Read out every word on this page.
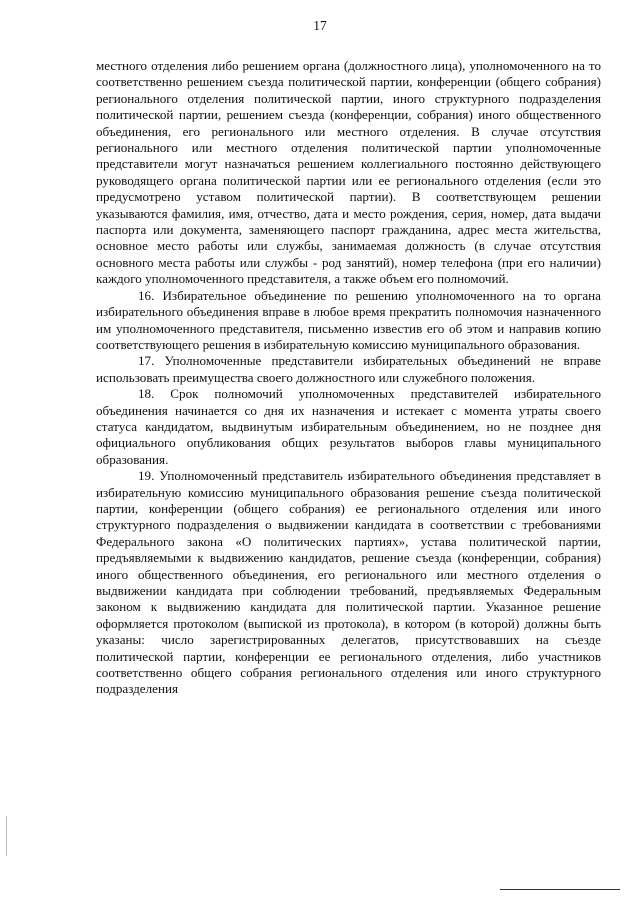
17

местного отделения либо решением органа (должностного лица), уполномоченного на то соответственно решением съезда политической партии, конференции (общего собрания) регионального отделения политической партии, иного структурного подразделения политической партии, решением съезда (конференции, собрания) иного общественного объединения, его регионального или местного отделения. В случае отсутствия регионального или местного отделения политической партии уполномоченные представители могут назначаться решением коллегиального постоянно действующего руководящего органа политической партии или ее регионального отделения (если это предусмотрено уставом политической партии). В соответствующем решении указываются фамилия, имя, отчество, дата и место рождения, серия, номер, дата выдачи паспорта или документа, заменяющего паспорт гражданина, адрес места жительства, основное место работы или службы, занимаемая должность (в случае отсутствия основного места работы или службы - род занятий), номер телефона (при его наличии) каждого уполномоченного представителя, а также объем его полномочий.

16. Избирательное объединение по решению уполномоченного на то органа избирательного объединения вправе в любое время прекратить полномочия назначенного им уполномоченного представителя, письменно известив его об этом и направив копию соответствующего решения в избирательную комиссию муниципального образования.

17. Уполномоченные представители избирательных объединений не вправе использовать преимущества своего должностного или служебного положения.

18. Срок полномочий уполномоченных представителей избирательного объединения начинается со дня их назначения и истекает с момента утраты своего статуса кандидатом, выдвинутым избирательным объединением, но не позднее дня официального опубликования общих результатов выборов главы муниципального образования.

19. Уполномоченный представитель избирательного объединения представляет в избирательную комиссию муниципального образования решение съезда политической партии, конференции (общего собрания) ее регионального отделения или иного структурного подразделения о выдвижении кандидата в соответствии с требованиями Федерального закона «О политических партиях», устава политической партии, предъявляемыми к выдвижению кандидатов, решение съезда (конференции, собрания) иного общественного объединения, его регионального или местного отделения о выдвижении кандидата при соблюдении требований, предъявляемых Федеральным законом к выдвижению кандидата для политической партии. Указанное решение оформляется протоколом (выпиской из протокола), в котором (в которой) должны быть указаны: число зарегистрированных делегатов, присутствовавших на съезде политической партии, конференции ее регионального отделения, либо участников соответственно общего собрания регионального отделения или иного структурного подразделения
